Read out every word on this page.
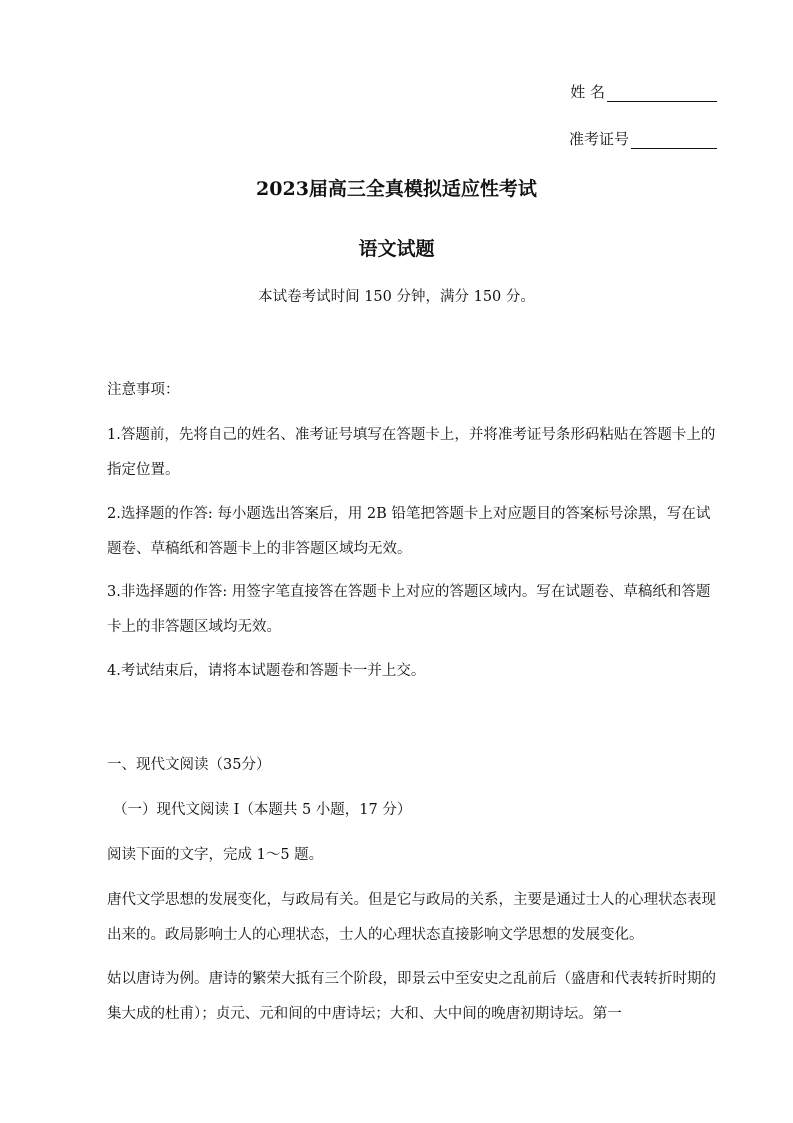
姓 名
准考证号
2023届高三全真模拟适应性考试
语文试题
本试卷考试时间 150 分钟，满分 150 分。

注意事项：

1.答题前，先将自己的姓名、准考证号填写在答题卡上，并将准考证号条形码粘贴在答题卡上的指定位置。

2.选择题的作答: 每小题选出答案后，用 2B 铅笔把答题卡上对应题目的答案标号涂黑，写在试题卷、草稿纸和答题卡上的非答题区域均无效。

3.非选择题的作答: 用签字笔直接答在答题卡上对应的答题区域内。写在试题卷、草稿纸和答题卡上的非答题区域均无效。

4.考试结束后，请将本试题卷和答题卡一并上交。

一、现代文阅读（35分）

（一）现代文阅读 I（本题共 5 小题，17 分）

阅读下面的文字，完成 1～5 题。

唐代文学思想的发展变化，与政局有关。但是它与政局的关系，主要是通过士人的心理状态表现出来的。政局影响士人的心理状态，士人的心理状态直接影响文学思想的发展变化。

姑以唐诗为例。唐诗的繁荣大抵有三个阶段，即景云中至安史之乱前后（盛唐和代表转折时期的集大成的杜甫）；贞元、元和间的中唐诗坛；大和、大中间的晚唐初期诗坛。第一
